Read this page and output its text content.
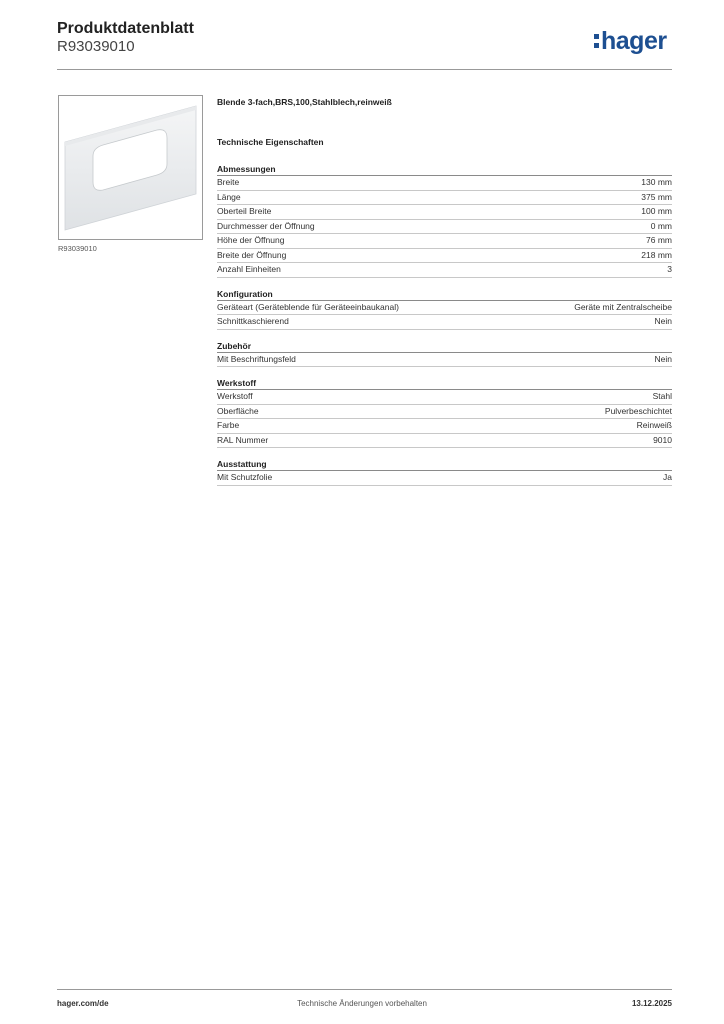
Produktdatenblatt
R93039010	hager
R93039010
Blende 3-fach,BRS,100,Stahlblech,reinweiß
Technische Eigenschaften
Abmessungen
Breite	130 mm
Länge	375 mm
Oberteil Breite	100 mm
Durchmesser der Öffnung	0 mm
Höhe der Öffnung	76 mm
Breite der Öffnung	218 mm
Anzahl Einheiten	3
Konfiguration
Geräteart (Geräteblende für Geräteeinbaukanal)	Geräte mit Zentralscheibe
Schnittkaschierend	Nein
Zubehör
Mit Beschriftungsfeld	Nein
Werkstoff
Werkstoff	Stahl
Oberfläche	Pulverbeschichtet
Farbe	Reinweiß
RAL Nummer	9010
Ausstattung
Mit Schutzfolie	Ja
hager.com/de	Technische Änderungen vorbehalten	13.12.2025
